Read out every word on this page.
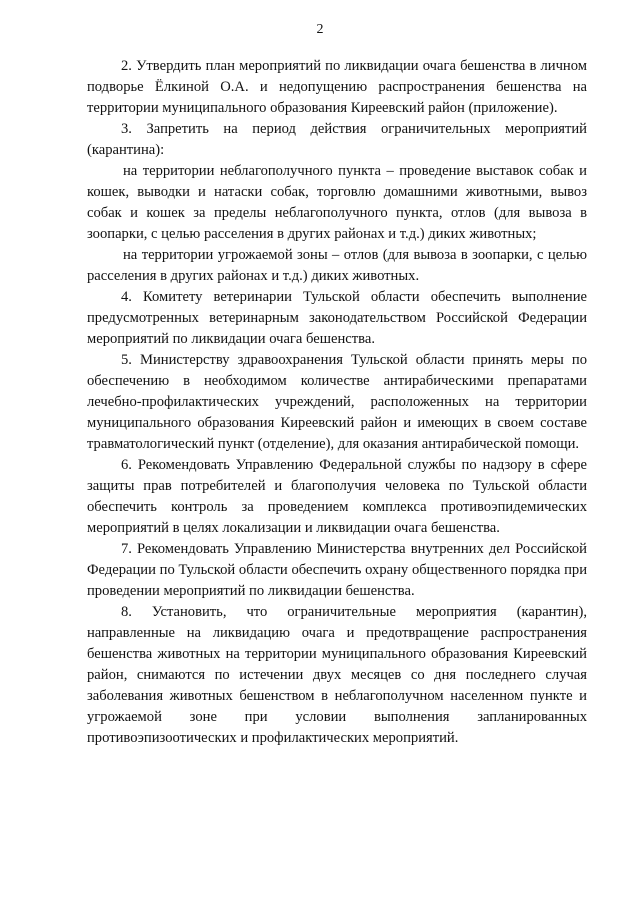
2

2. Утвердить план мероприятий по ликвидации очага бешенства в личном подворье Ёлкиной О.А. и недопущению распространения бешенства на территории муниципального образования Киреевский район (приложение).

3. Запретить на период действия ограничительных мероприятий (карантина):

на территории неблагополучного пункта – проведение выставок собак и кошек, выводки и натаски собак, торговлю домашними животными, вывоз собак и кошек за пределы неблагополучного пункта, отлов (для вывоза в зоопарки, с целью расселения в других районах и т.д.) диких животных;

на территории угрожаемой зоны – отлов (для вывоза в зоопарки, с целью расселения в других районах и т.д.) диких животных.

4. Комитету ветеринарии Тульской области обеспечить выполнение предусмотренных ветеринарным законодательством Российской Федерации мероприятий по ликвидации очага бешенства.

5. Министерству здравоохранения Тульской области принять меры по обеспечению в необходимом количестве антирабическими препаратами лечебно-профилактических учреждений, расположенных на территории муниципального образования Киреевский район и имеющих в своем составе травматологический пункт (отделение), для оказания антирабической помощи.

6. Рекомендовать Управлению Федеральной службы по надзору в сфере защиты прав потребителей и благополучия человека по Тульской области обеспечить контроль за проведением комплекса противоэпидемических мероприятий в целях локализации и ликвидации очага бешенства.

7. Рекомендовать Управлению Министерства внутренних дел Российской Федерации по Тульской области обеспечить охрану общественного порядка при проведении мероприятий по ликвидации бешенства.

8. Установить, что ограничительные мероприятия (карантин), направленные на ликвидацию очага и предотвращение распространения бешенства животных на территории муниципального образования Киреевский район, снимаются по истечении двух месяцев со дня последнего случая заболевания животных бешенством в неблагополучном населенном пункте и угрожаемой зоне при условии выполнения запланированных противоэпизоотических и профилактических мероприятий.
